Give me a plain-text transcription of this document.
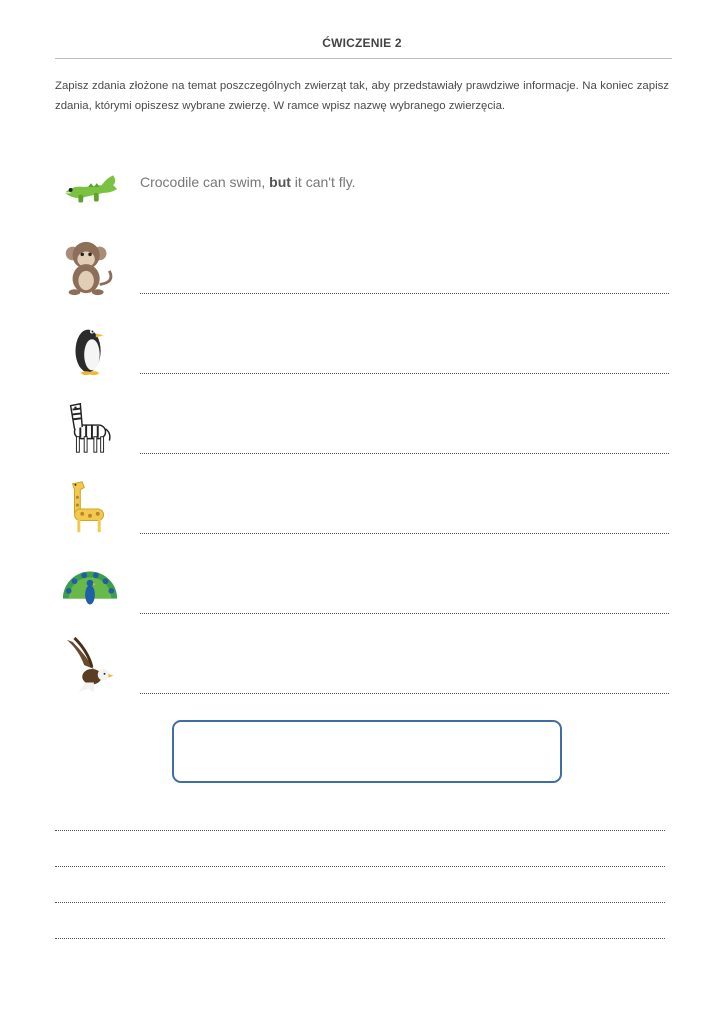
ĆWICZENIE 2

Zapisz zdania złożone na temat poszczególnych zwierząt tak, aby przedstawiały prawdziwe informacje. Na koniec zapisz zdania, którymi opiszesz wybrane zwierzę. W ramce wpisz nazwę wybranego zwierzęcia.

Crocodile can swim, but it can't fly.
